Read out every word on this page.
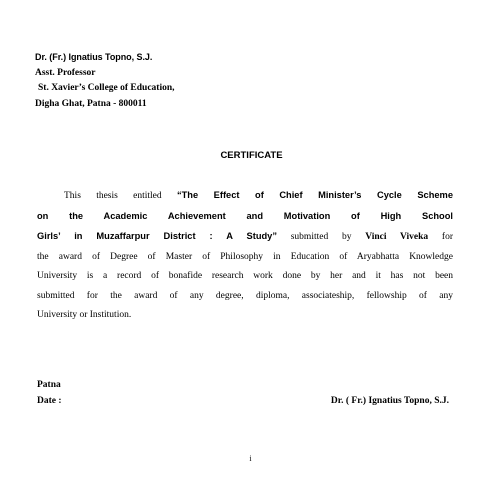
Dr. (Fr.) Ignatius Topno, S.J.
Asst. Professor
St. Xavier’s College of Education,
Digha Ghat, Patna - 800011
CERTIFICATE
This thesis entitled “The Effect of Chief Minister’s Cycle Scheme
on the Academic Achievement and Motivation of High School
Girls’ in Muzaffarpur District : A Study” submitted by Vinci Viveka for
the award of Degree of Master of Philosophy in Education of Aryabhatta Knowledge
University is a record of bonafide research work done by her and it has not been
submitted for the award of any degree, diploma, associateship, fellowship of any
University or Institution.
Patna
Date :	Dr. ( Fr.) Ignatius Topno, S.J.
i
